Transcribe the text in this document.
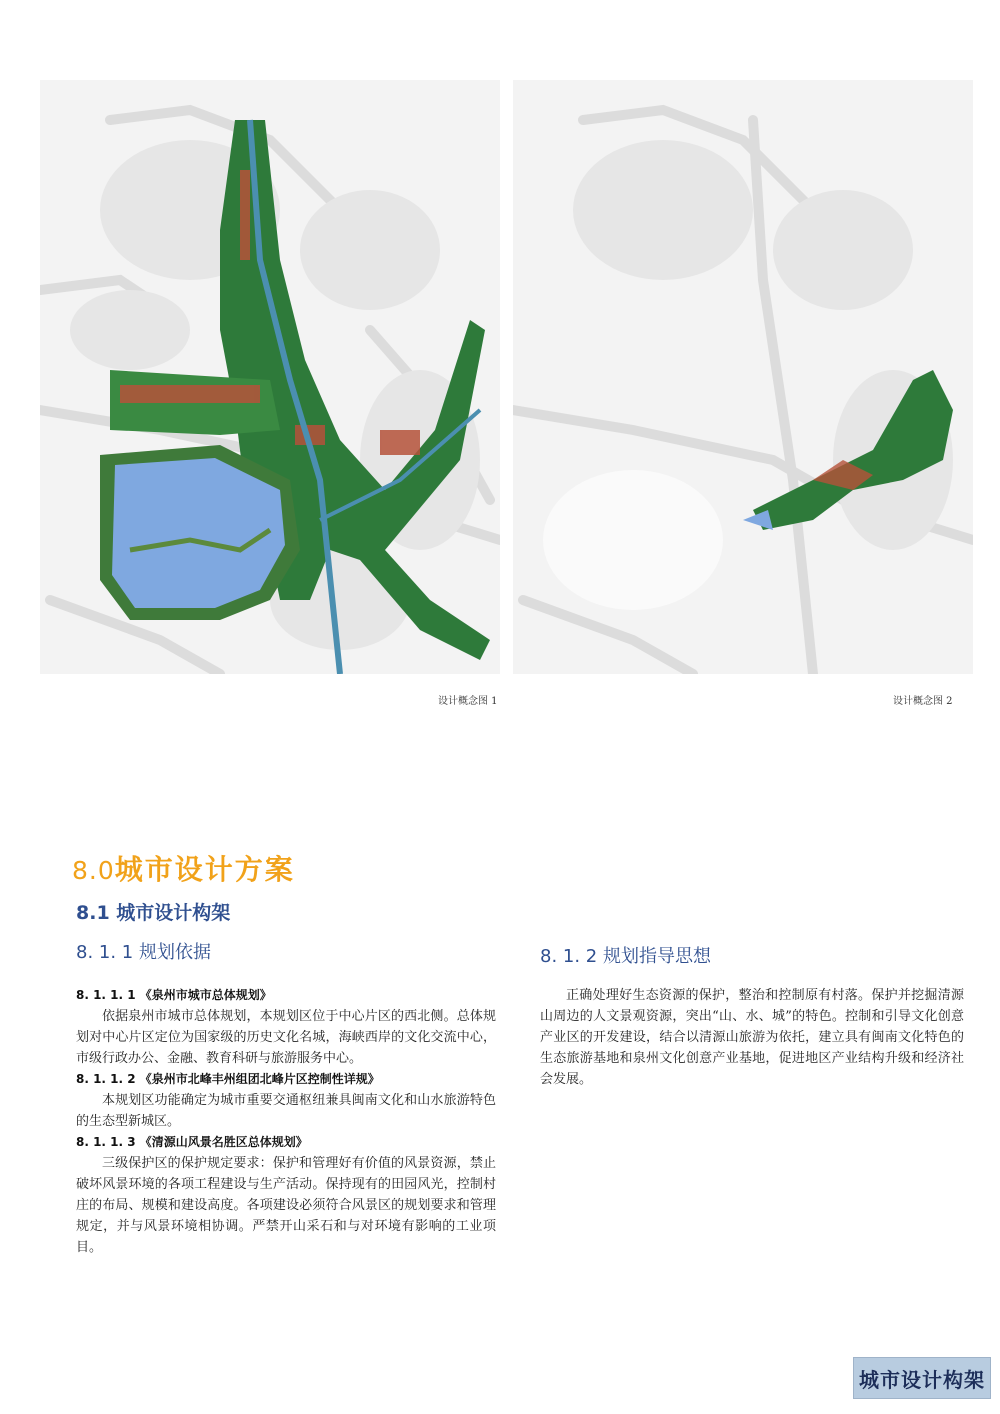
设计概念图 1	设计概念图 2
8.0城市设计方案
8.1 城市设计构架
8. 1. 1 规划依据	8. 1. 2 规划指导思想
8. 1. 1. 1 《泉州市城市总体规划》

依据泉州市城市总体规划，本规划区位于中心片区的西北侧。总体规划对中心片区定位为国家级的历史文化名城，海峡西岸的文化交流中心，市级行政办公、金融、教育科研与旅游服务中心。

8. 1. 1. 2 《泉州市北峰丰州组团北峰片区控制性详规》

本规划区功能确定为城市重要交通枢纽兼具闽南文化和山水旅游特色的生态型新城区。

8. 1. 1. 3 《清源山风景名胜区总体规划》

三级保护区的保护规定要求：保护和管理好有价值的风景资源，禁止破坏风景环境的各项工程建设与生产活动。保持现有的田园风光，控制村庄的布局、规模和建设高度。各项建设必须符合风景区的规划要求和管理规定，并与风景环境相协调。严禁开山采石和与对环境有影响的工业项目。

正确处理好生态资源的保护，整治和控制原有村落。保护并挖掘清源山周边的人文景观资源，突出“山、水、城”的特色。控制和引导文化创意产业区的开发建设，结合以清源山旅游为依托，建立具有闽南文化特色的生态旅游基地和泉州文化创意产业基地，促进地区产业结构升级和经济社会发展。

城市设计构架
